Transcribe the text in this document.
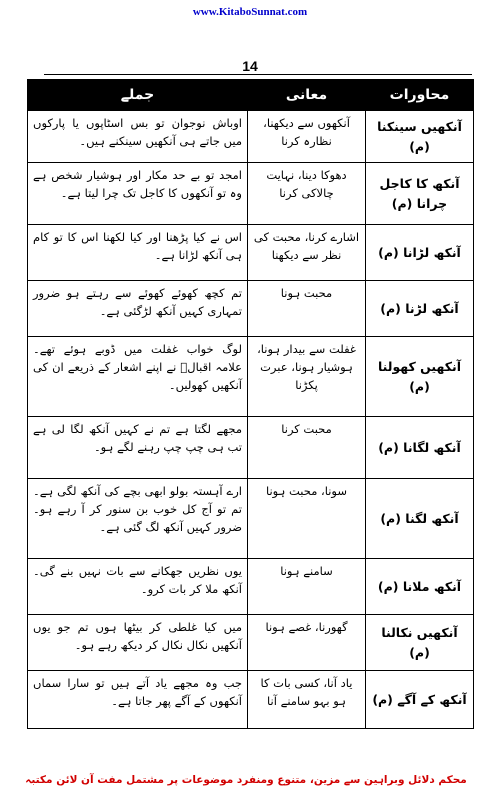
www.KitaboSunnat.com
14
محاورات	معانی	جملے
آنکھیں سینکنا (م)	آنکھوں سے دیکھنا، نظارہ کرنا	اوباش نوجوان تو بس اسٹاپوں یا پارکوں میں جاتے ہی آنکھیں سینکنے ہیں۔
آنکھ کا کاجل چرانا (م)	دھوکا دینا، نہایت چالاکی کرنا	امجد تو بے حد مکار اور ہوشیار شخص ہے وہ تو آنکھوں کا کاجل تک چرا لیتا ہے۔
آنکھ لڑانا (م)	اشارے کرنا، محبت کی نظر سے دیکھنا	اس نے کیا پڑھنا اور کیا لکھنا اس کا تو کام ہی آنکھ لڑانا ہے۔
آنکھ لڑنا (م)	محبت ہونا	تم کچھ کھوئے کھوئے سے رہتے ہو ضرور تمہاری کہیں آنکھ لڑگئی ہے۔
آنکھیں کھولنا (م)	غفلت سے بیدار ہونا، ہوشیار ہونا، عبرت پکڑنا	لوگ خواب غفلت میں ڈوبے ہوئے تھے۔ علامہ اقبالؒ نے اپنے اشعار کے ذریعے ان کی آنکھیں کھولیں۔
آنکھ لگانا (م)	محبت کرنا	مجھے لگتا ہے تم نے کہیں آنکھ لگا لی ہے تب ہی چپ چپ رہنے لگے ہو۔
آنکھ لگنا (م)	سونا، محبت ہونا	ارے آہستہ بولو ابھی بچے کی آنکھ لگی ہے۔ تم تو آج کل خوب بن سنور کر آ رہے ہو۔ ضرور کہیں آنکھ لگ گئی ہے۔
آنکھ ملانا (م)	سامنے ہونا	یوں نظریں جھکانے سے بات نہیں بنے گی۔ آنکھ ملا کر بات کرو۔
آنکھیں نکالنا (م)	گھورنا، غصے ہونا	میں کیا غلطی کر بیٹھا ہوں تم جو یوں آنکھیں نکال نکال کر دیکھ رہے ہو۔
آنکھ کے آگے (م)	یاد آنا، کسی بات کا ہو بہو سامنے آنا	جب وہ مجھے یاد آتے ہیں تو سارا سماں آنکھوں کے آگے پھر جاتا ہے۔
محکم دلائل وبراہین سے مزین، متنوع ومنفرد موضوعات پر مشتمل مفت آن لائن مکتبہ
